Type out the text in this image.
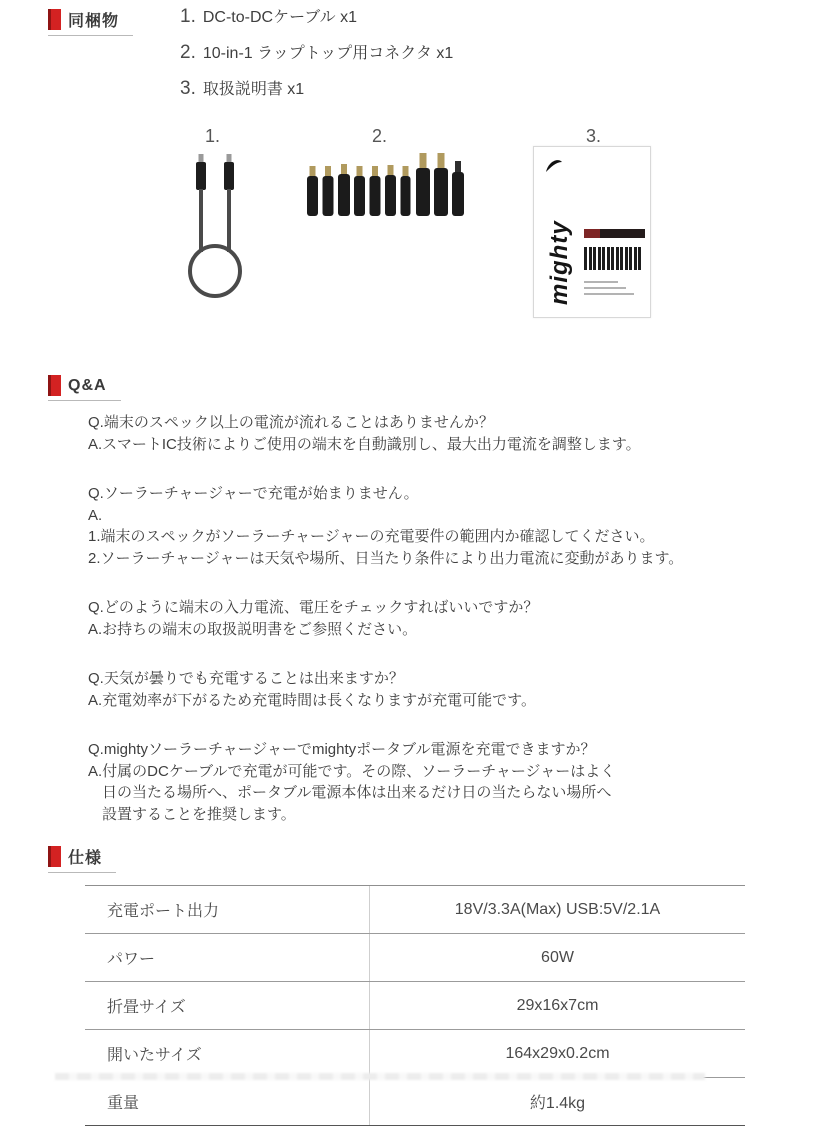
同梱物	1. DC-to-DCケーブル x1
2. 10-in-1 ラップトップ用コネクタ x1
3. 取扱説明書 x1
1.	2.	3.
mighty
Q&A
Q.端末のスペック以上の電流が流れることはありませんか？
A.スマートIC技術によりご使用の端末を自動識別し、最大出力電流を調整します。
Q.ソーラーチャージャーで充電が始まりません。
A.
1.端末のスペックがソーラーチャージャーの充電要件の範囲内か確認してください。
2.ソーラーチャージャーは天気や場所、日当たり条件により出力電流に変動があります。
Q.どのように端末の入力電流、電圧をチェックすればいいですか？
A.お持ちの端末の取扱説明書をご参照ください。
Q.天気が曇りでも充電することは出来ますか？
A.充電効率が下がるため充電時間は長くなりますが充電可能です。
Q.mightyソーラーチャージャーでmightyポータブル電源を充電できますか？
A.付属のDCケーブルで充電が可能です。その際、ソーラーチャージャーはよく
日の当たる場所へ、ポータブル電源本体は出来るだけ日の当たらない場所へ
設置することを推奨します。
仕様
充電ポート出力	18V/3.3A(Max) USB:5V/2.1A
パワー	60W
折畳サイズ	29x16x7cm
開いたサイズ	164x29x0.2cm
重量	約1.4kg
